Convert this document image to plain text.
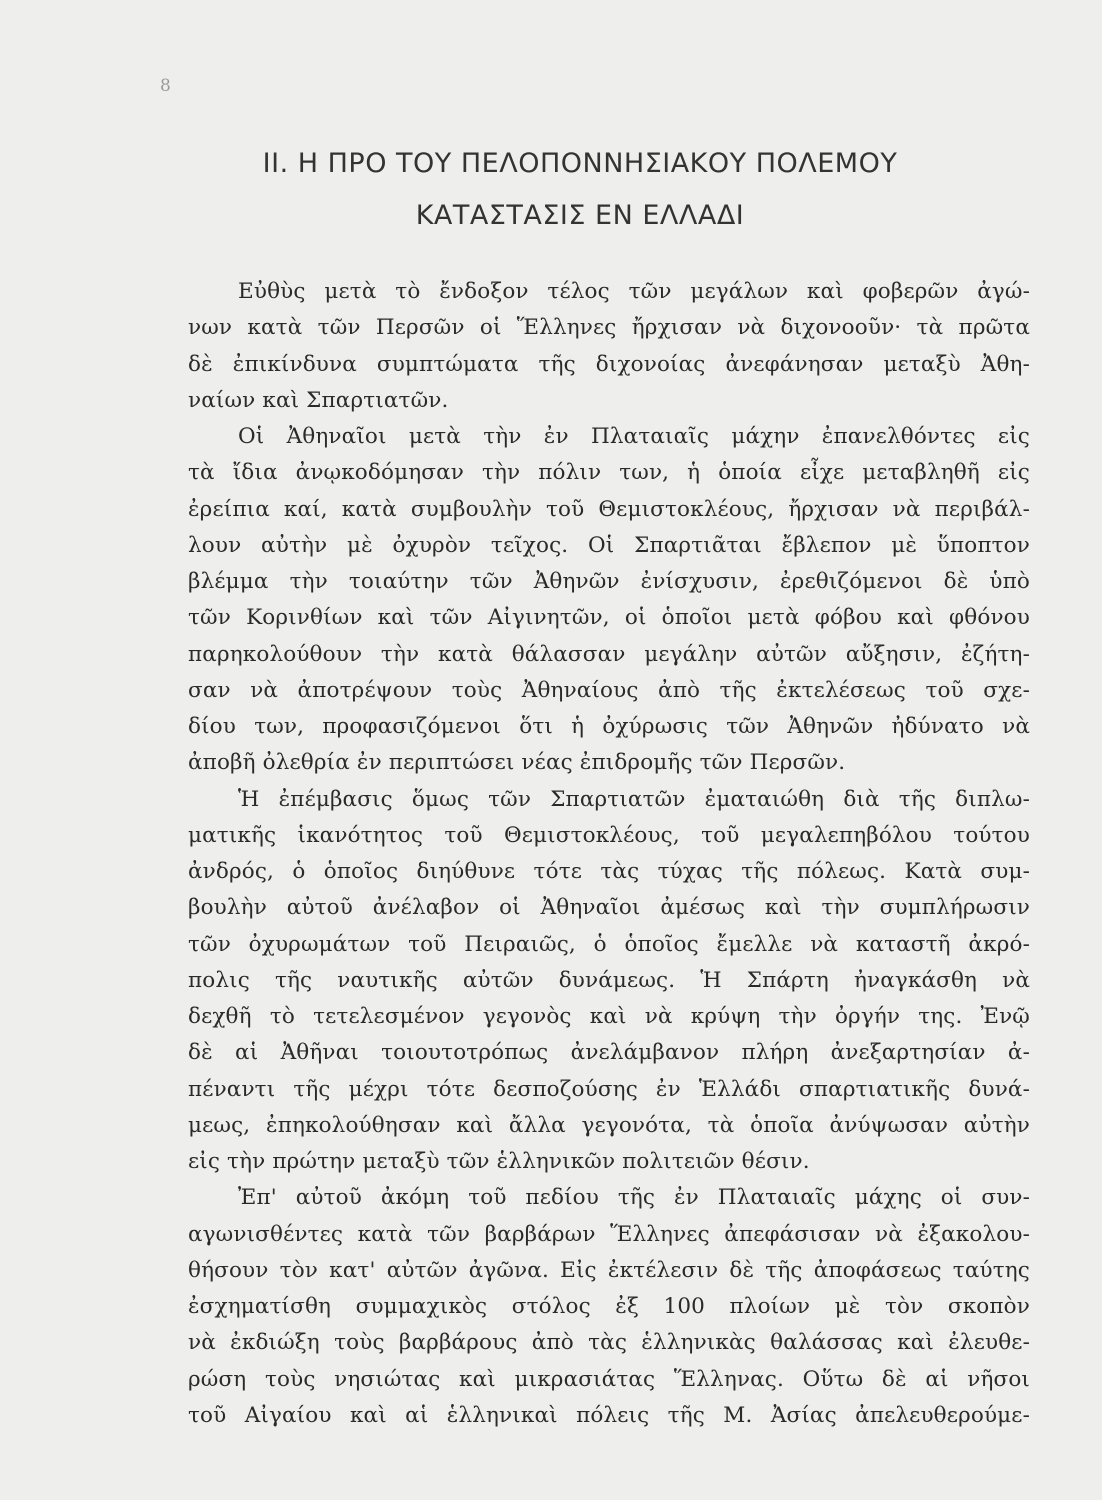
8
ΙΙ. Η ΠΡΟ ΤΟΥ ΠΕΛΟΠΟΝΝΗΣΙΑΚΟΥ ΠΟΛΕΜΟΥ
ΚΑΤΑΣΤΑΣΙΣ ΕΝ ΕΛΛΑΔΙ
Εὐθὺς μετὰ τὸ ἔνδοξον τέλος τῶν μεγάλων καὶ φοβερῶν ἀγώ-
νων κατὰ τῶν Περσῶν οἱ Ἕλληνες ἤρχισαν νὰ διχονοοῦν· τὰ πρῶτα
δὲ ἐπικίνδυνα συμπτώματα τῆς διχονοίας ἀνεφάνησαν μεταξὺ Ἀθη-
ναίων καὶ Σπαρτιατῶν.
Οἱ Ἀθηναῖοι μετὰ τὴν ἐν Πλαταιαῖς μάχην ἐπανελθόντες εἰς
τὰ ἴδια ἀνῳκοδόμησαν τὴν πόλιν των, ἡ ὁποία εἶχε μεταβληθῆ εἰς
ἐρείπια καί, κατὰ συμβουλὴν τοῦ Θεμιστοκλέους, ἤρχισαν νὰ περιβάλ-
λουν αὐτὴν μὲ ὀχυρὸν τεῖχος. Οἱ Σπαρτιᾶται ἔβλεπον μὲ ὕποπτον
βλέμμα τὴν τοιαύτην τῶν Ἀθηνῶν ἐνίσχυσιν, ἐρεθιζόμενοι δὲ ὑπὸ
τῶν Κορινθίων καὶ τῶν Αἰγινητῶν, οἱ ὁποῖοι μετὰ φόβου καὶ φθόνου
παρηκολούθουν τὴν κατὰ θάλασσαν μεγάλην αὐτῶν αὔξησιν, ἐζήτη-
σαν νὰ ἀποτρέψουν τοὺς Ἀθηναίους ἀπὸ τῆς ἐκτελέσεως τοῦ σχε-
δίου των, προφασιζόμενοι ὅτι ἡ ὀχύρωσις τῶν Ἀθηνῶν ἠδύνατο νὰ
ἀποβῆ ὀλεθρία ἐν περιπτώσει νέας ἐπιδρομῆς τῶν Περσῶν.
Ἡ ἐπέμβασις ὅμως τῶν Σπαρτιατῶν ἐματαιώθη διὰ τῆς διπλω-
ματικῆς ἱκανότητος τοῦ Θεμιστοκλέους, τοῦ μεγαλεπηβόλου τούτου
ἀνδρός, ὁ ὁποῖος διηύθυνε τότε τὰς τύχας τῆς πόλεως. Κατὰ συμ-
βουλὴν αὐτοῦ ἀνέλαβον οἱ Ἀθηναῖοι ἀμέσως καὶ τὴν συμπλήρωσιν
τῶν ὀχυρωμάτων τοῦ Πειραιῶς, ὁ ὁποῖος ἔμελλε νὰ καταστῆ ἀκρό-
πολις τῆς ναυτικῆς αὐτῶν δυνάμεως. Ἡ Σπάρτη ἠναγκάσθη νὰ
δεχθῆ τὸ τετελεσμένον γεγονὸς καὶ νὰ κρύψη τὴν ὀργήν της. Ἐνῷ
δὲ αἱ Ἀθῆναι τοιουτοτρόπως ἀνελάμβανον πλήρη ἀνεξαρτησίαν ἀ-
πέναντι τῆς μέχρι τότε δεσποζούσης ἐν Ἑλλάδι σπαρτιατικῆς δυνά-
μεως, ἐπηκολούθησαν καὶ ἄλλα γεγονότα, τὰ ὁποῖα ἀνύψωσαν αὐτὴν
εἰς τὴν πρώτην μεταξὺ τῶν ἑλληνικῶν πολιτειῶν θέσιν.
Ἐπ' αὐτοῦ ἀκόμη τοῦ πεδίου τῆς ἐν Πλαταιαῖς μάχης οἱ συν-
αγωνισθέντες κατὰ τῶν βαρβάρων Ἕλληνες ἀπεφάσισαν νὰ ἐξακολου-
θήσουν τὸν κατ' αὐτῶν ἀγῶνα. Εἰς ἐκτέλεσιν δὲ τῆς ἀποφάσεως ταύτης
ἐσχηματίσθη συμμαχικὸς στόλος ἐξ 100 πλοίων μὲ τὸν σκοπὸν
νὰ ἐκδιώξη τοὺς βαρβάρους ἀπὸ τὰς ἑλληνικὰς θαλάσσας καὶ ἐλευθε-
ρώση τοὺς νησιώτας καὶ μικρασιάτας Ἕλληνας. Οὕτω δὲ αἱ νῆσοι
τοῦ Αἰγαίου καὶ αἱ ἑλληνικαὶ πόλεις τῆς Μ. Ἀσίας ἀπελευθερούμε-
